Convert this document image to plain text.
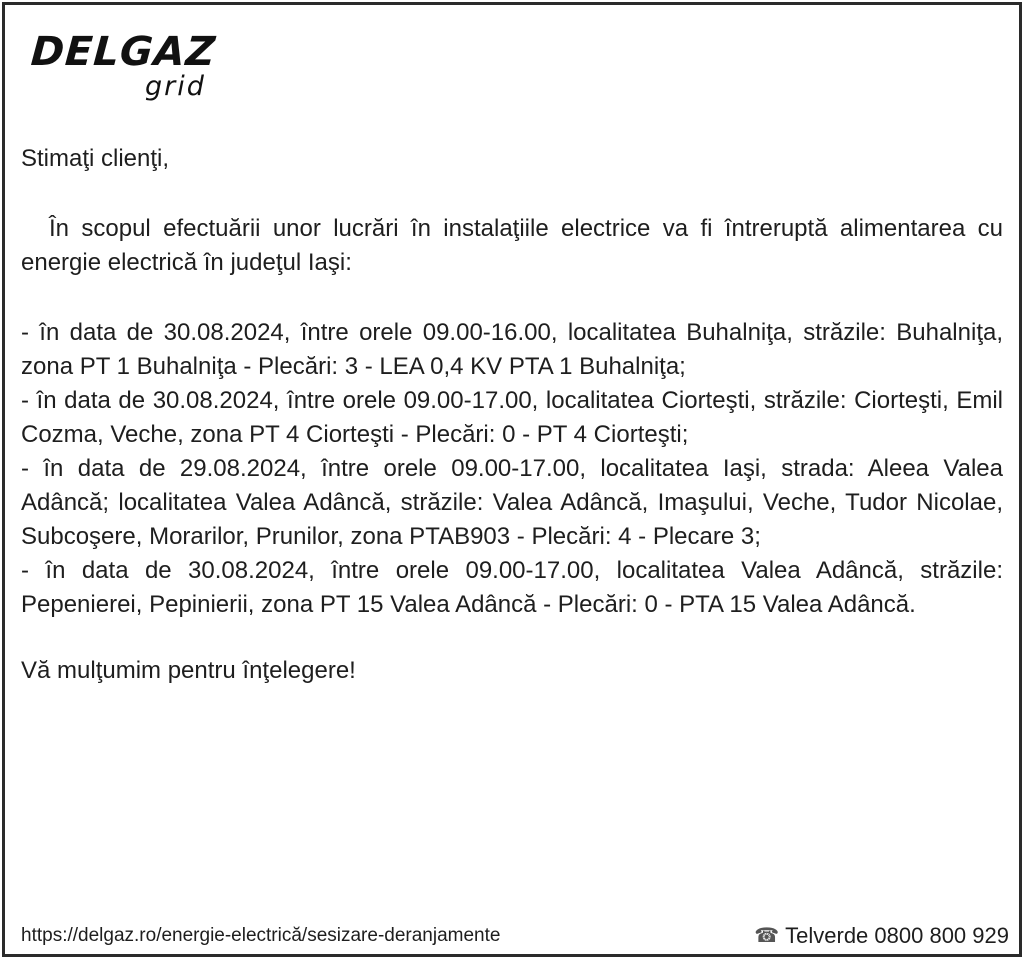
DELGAZ
grid

Stimaţi clienţi,

În scopul efectuării unor lucrări în instalaţiile electrice va fi întreruptă alimentarea cu energie electrică în judeţul Iaşi:

- în data de 30.08.2024, între orele 09.00-16.00, localitatea Buhalniţa, străzile: Buhalniţa, zona PT 1 Buhalniţa - Plecări: 3 - LEA 0,4 KV PTA 1 Buhalniţa;

- în data de 30.08.2024, între orele 09.00-17.00, localitatea Ciorteşti, străzile: Ciorteşti, Emil Cozma, Veche, zona PT 4 Ciorteşti - Plecări: 0 - PT 4 Ciorteşti;

- în data de 29.08.2024, între orele 09.00-17.00, localitatea Iaşi, strada: Aleea Valea Adâncă; localitatea Valea Adâncă, străzile: Valea Adâncă, Imaşului, Veche, Tudor Nicolae, Subcoşere, Morarilor, Prunilor, zona PTAB903 - Plecări: 4 - Plecare 3;

- în data de 30.08.2024, între orele 09.00-17.00, localitatea Valea Adâncă, străzile: Pepenierei, Pepinierii, zona PT 15 Valea Adâncă - Plecări: 0 - PTA 15 Valea Adâncă.

Vă mulţumim pentru înţelegere!

https://delgaz.ro/energie-electrică/sesizare-deranjamente	☎ Telverde 0800 800 929
